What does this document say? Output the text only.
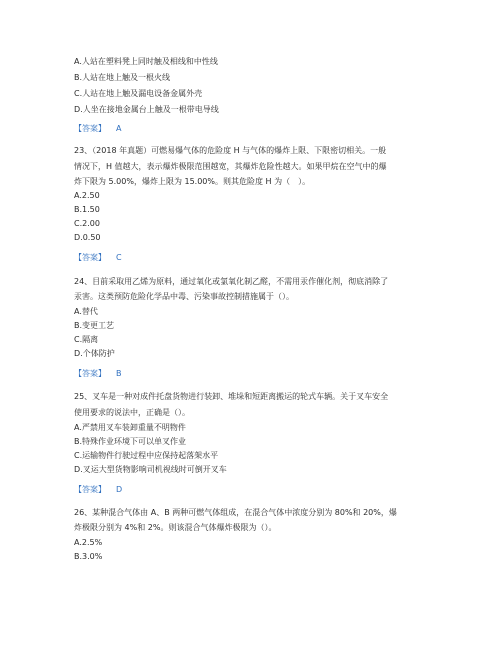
A.人站在塑料凳上同时触及相线和中性线
B.人站在地上触及一根火线
C.人站在地上触及漏电设备金属外壳
D.人坐在接地金属台上触及一根带电导线
【答案】 A
23、（2018 年真题）可燃易爆气体的危险度 H 与气体的爆炸上限、下限密切相关。一般
情况下，H 值越大，表示爆炸极限范围越宽，其爆炸危险性越大。如果甲烷在空气中的爆
炸下限为 5.00%，爆炸上限为 15.00%。则其危险度 H 为（　）。
A.2.50
B.1.50
C.2.00
D.0.50
【答案】 C
24、目前采取用乙烯为原料，通过氧化或氯氧化制乙醛，不需用汞作催化剂，彻底消除了
汞害。这类预防危险化学品中毒、污染事故控制措施属于（）。
A.替代
B.变更工艺
C.隔离
D.个体防护
【答案】 B
25、叉车是一种对成件托盘货物进行装卸、堆垛和短距离搬运的轮式车辆。关于叉车安全
使用要求的说法中，正确是（）。
A.严禁用叉车装卸重量不明物件
B.特殊作业环境下可以单叉作业
C.运输物件行驶过程中应保持起落架水平
D.叉运大型货物影响司机视线时可倒开叉车
【答案】 D
26、某种混合气体由 A、B 两种可燃气体组成，在混合气体中浓度分别为 80%和 20%，爆
炸极限分别为 4%和 2%。则该混合气体爆炸极限为（）。
A.2.5%
B.3.0%
